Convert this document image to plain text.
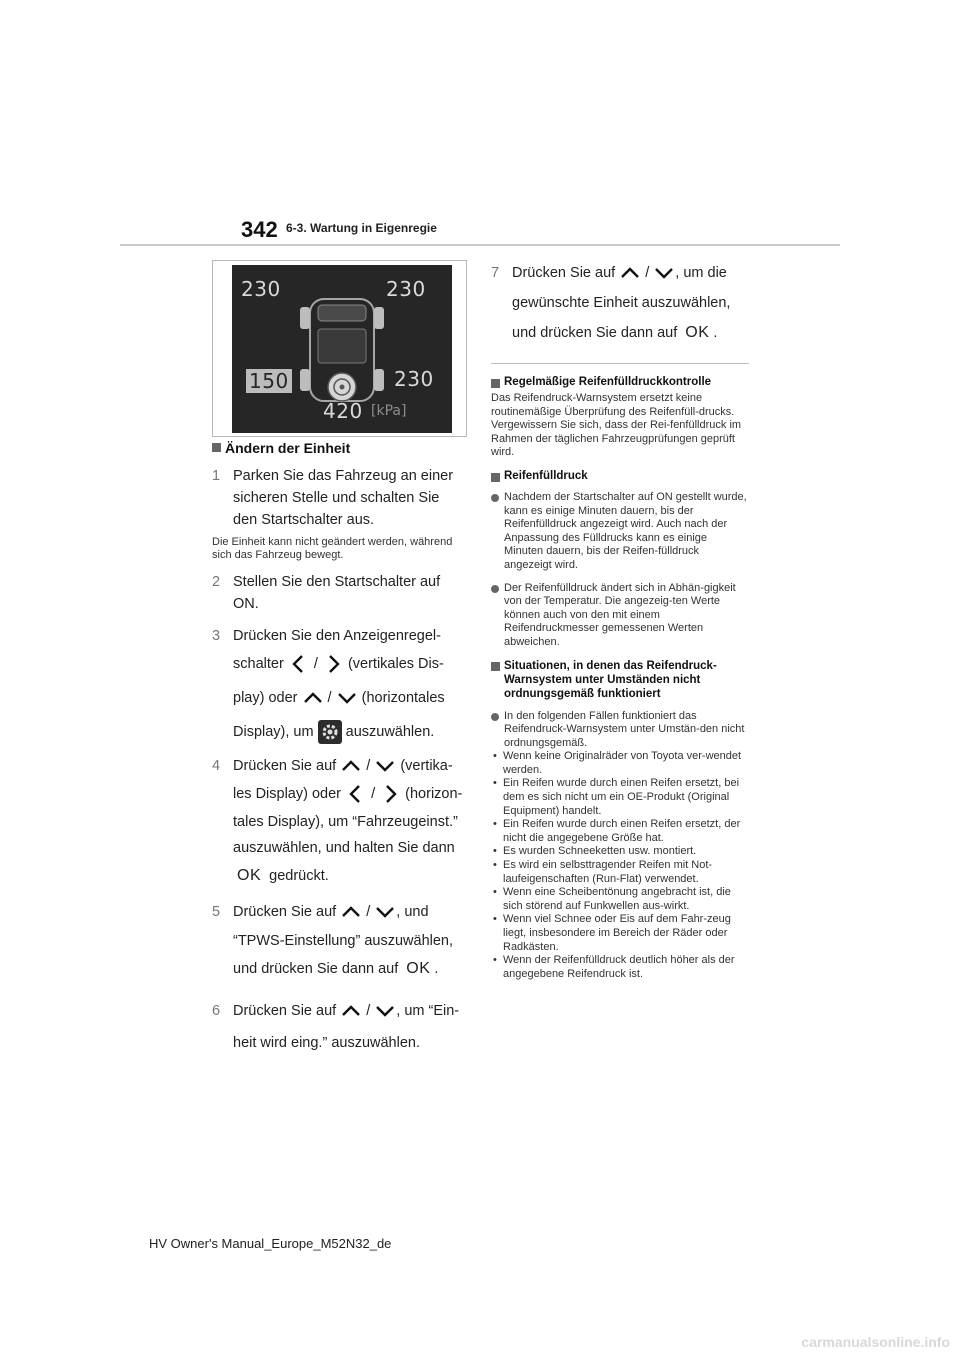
342 6-3. Wartung in Eigenregie
230	230
150	230
420 [kPa]
Ändern der Einheit
1 Parken Sie das Fahrzeug an einer
sicheren Stelle und schalten Sie
den Startschalter aus.
Die Einheit kann nicht geändert werden, während sich das Fahrzeug bewegt.
2 Stellen Sie den Startschalter auf
ON.
3 Drücken Sie den Anzeigenregel-
schalter / (vertikales Dis-
play) oder / (horizontales
Display), um auszuwählen.
4 Drücken Sie auf / (vertika-
les Display) oder / (horizon-
tales Display), um “Fahrzeugeinst.”
auszuwählen, und halten Sie dann
OK gedrückt.
5 Drücken Sie auf / , und
“TPWS-Einstellung” auszuwählen,
und drücken Sie dann auf OK .
6 Drücken Sie auf / , um “Ein-
heit wird eing.” auszuwählen.
7 Drücken Sie auf / , um die
gewünschte Einheit auszuwählen,
und drücken Sie dann auf OK .
Regelmäßige Reifenfülldruckkontrolle
Das Reifendruck-Warnsystem ersetzt keine routinemäßige Überprüfung des Reifenfüll-drucks. Vergewissern Sie sich, dass der Rei-fenfülldruck im Rahmen der täglichen Fahrzeugprüfungen geprüft wird.
Reifenfülldruck
Nachdem der Startschalter auf ON gestellt wurde, kann es einige Minuten dauern, bis der Reifenfülldruck angezeigt wird. Auch nach der Anpassung des Fülldrucks kann es einige Minuten dauern, bis der Reifen-fülldruck angezeigt wird.
Der Reifenfülldruck ändert sich in Abhän-gigkeit von der Temperatur. Die angezeig-ten Werte können auch von den mit einem Reifendruckmesser gemessenen Werten abweichen.
Situationen, in denen das Reifendruck-Warnsystem unter Umständen nicht ordnungsgemäß funktioniert
In den folgenden Fällen funktioniert das Reifendruck-Warnsystem unter Umstän-den nicht ordnungsgemäß.
• Wenn keine Originalräder von Toyota ver-wendet werden.
• Ein Reifen wurde durch einen Reifen ersetzt, bei dem es sich nicht um ein OE-Produkt (Original Equipment) handelt.
• Ein Reifen wurde durch einen Reifen ersetzt, der nicht die angegebene Größe hat.
• Es wurden Schneeketten usw. montiert.
• Es wird ein selbsttragender Reifen mit Not-laufeigenschaften (Run-Flat) verwendet.
• Wenn eine Scheibentönung angebracht ist, die sich störend auf Funkwellen aus-wirkt.
• Wenn viel Schnee oder Eis auf dem Fahr-zeug liegt, insbesondere im Bereich der Räder oder Radkästen.
• Wenn der Reifenfülldruck deutlich höher als der angegebene Reifendruck ist.
HV Owner's Manual_Europe_M52N32_de
carmanualsonline.info
